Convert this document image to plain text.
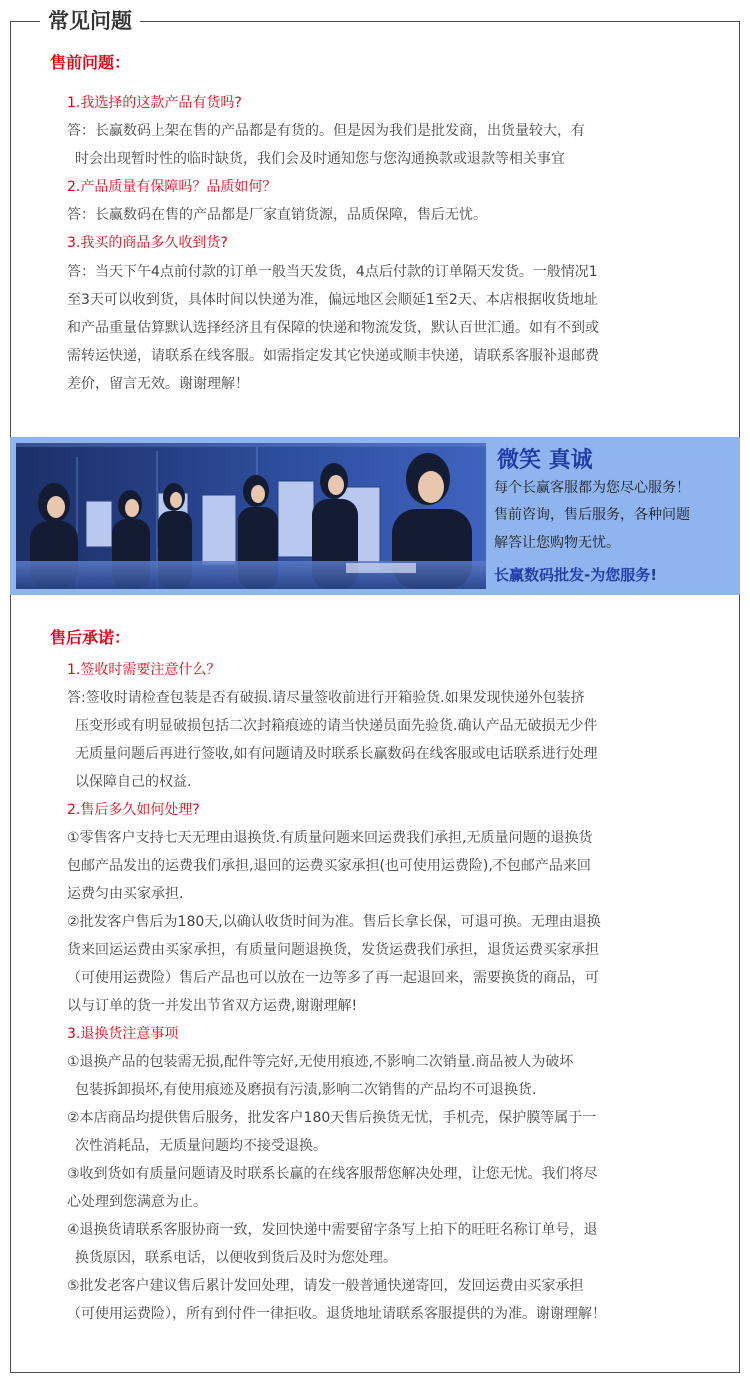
常见问题
售前问题：
1.我选择的这款产品有货吗?
答：长赢数码上架在售的产品都是有货的。但是因为我们是批发商，出货量较大，有
时会出现暂时性的临时缺货，我们会及时通知您与您沟通换款或退款等相关事宜
2.产品质量有保障吗？品质如何？
答：长赢数码在售的产品都是厂家直销货源，品质保障，售后无忧。
3.我买的商品多久收到货?
答：当天下午4点前付款的订单一般当天发货，4点后付款的订单隔天发货。一般情况1
至3天可以收到货，具体时间以快递为准，偏远地区会顺延1至2天、本店根据收货地址
和产品重量估算默认选择经济且有保障的快递和物流发货，默认百世汇通。如有不到或
需转运快递，请联系在线客服。如需指定发其它快递或顺丰快递，请联系客服补退邮费
差价，留言无效。谢谢理解！
微笑 真诚
每个长赢客服都为您尽心服务！
售前咨询，售后服务，各种问题
解答让您购物无忧。
长赢数码批发-为您服务!
售后承诺：
1.签收时需要注意什么？
答:签收时请检查包装是否有破损.请尽量签收前进行开箱验货.如果发现快递外包装挤
压变形或有明显破损包括二次封箱痕迹的请当快递员面先验货.确认产品无破损无少件
无质量问题后再进行签收,如有问题请及时联系长赢数码在线客服或电话联系进行处理
以保障自己的权益.
2.售后多久如何处理?
①零售客户支持七天无理由退换货.有质量问题来回运费我们承担,无质量问题的退换货
包邮产品发出的运费我们承担,退回的运费买家承担(也可使用运费险),不包邮产品来回
运费匀由买家承担.
②批发客户售后为180天,以确认收货时间为准。售后长拿长保，可退可换。无理由退换
货来回运运费由买家承担，有质量问题退换货，发货运费我们承担，退货运费买家承担
（可使用运费险）售后产品也可以放在一边等多了再一起退回来，需要换货的商品，可
以与订单的货一并发出节省双方运费,谢谢理解!
3.退换货注意事项
①退换产品的包装需无损,配件等完好,无使用痕迹,不影响二次销量.商品被人为破坏
包装拆卸损坏,有使用痕迹及磨损有污渍,影响二次销售的产品均不可退换货.
②本店商品均提供售后服务，批发客户180天售后换货无忧，手机壳，保护膜等属于一
次性消耗品，无质量问题均不接受退换。
③收到货如有质量问题请及时联系长赢的在线客服帮您解决处理，让您无忧。我们将尽
心处理到您满意为止。
④退换货请联系客服协商一致，发回快递中需要留字条写上拍下的旺旺名称订单号，退
换货原因，联系电话，以便收到货后及时为您处理。
⑤批发老客户建议售后累计发回处理，请发一般普通快递寄回，发回运费由买家承担
（可使用运费险），所有到付件一律拒收。退货地址请联系客服提供的为准。谢谢理解！
